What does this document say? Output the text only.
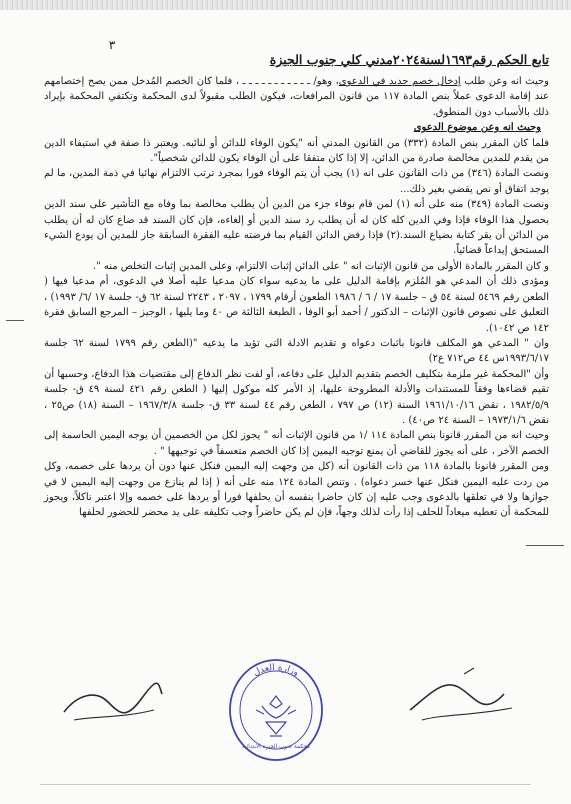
٣
تابع الحكم رقم١٦٩٣لسنة٢٠٢٤مدني كلي جنوب الجيزة

وحيث انه وعن طلب إدخال خصم جديد في الدعوى، وهو/ ـ ـ ـ ـ ـ ـ ـ ـ ـ ـ ـ ، فلما كان الخصم المُدخل ممن يصح إختصامهم عند إقامة الدعوى عملاً بنص المادة ١١٧ من قانون المرافعات، فيكون الطلب مقبولاً لدى المحكمة وتكتفي المحكمة بإيراد ذلك بالأسباب دون المنطوق.

وحيث انه وعن موضوع الدعوى

فلما كان المقرر بنص المادة (٣٣٢) من القانون المدني أنه "يكون الوفاء للدائن أو لنائبه. ويعتبر ذا صفة في استيفاء الدين من يقدم للمدين مخالصة صادرة من الدائن، إلا إذا كان متفقا على أن الوفاء يكون للدائن شخصياً".

ونصت المادة (٣٤٦) من ذات القانون على انه (١) يجب أن يتم الوفاء فورا بمجرد ترتب الالتزام نهائيا في ذمة المدين، ما لم يوجد اتفاق أو نص يقضي بغير ذلك...

ونصت المادة (٣٤٩) منه على أنه (١) لمن قام بوفاء جزء من الدين أن يطلب مخالصة بما وفاه مع التأشير على سند الدين بحصول هذا الوفاء فإذا وفي الدين كله كان له أن يطلب رد سند الدين أو إلغاءه، فإن كان السند قد ضاع كان له أن يطلب من الدائن أن يقر كتابة بضياع السند.(٢) فإذا رفض الدائن القيام بما فرضته عليه الفقرة السابقة جاز للمدين أن يودع الشيء المستحق إيداعاً قضائياً.

و كان المقرر بالمادة الأولى من قانون الإثبات انه " على الدائن إثبات الالتزام، وعلى المدين إثبات التخلص منه ".

ومؤدى ذلك أن المدعي هو المُلزم بإقامة الدليل على ما يدعيه سواء كان مدعيا عليه أصلا في الدعوى، أم مدعيا فيها ( الطعن رقم ٥٤٦٩ لسنة ٥٤ ق – جلسة ١٧ / ٦ / ١٩٨٦ الطعون أرقام ١٧٩٩ ، ٢٠٩٧ ، ٢٢٤٣ لسنة ٦٢ ق- جلسة ١٧ /٦/ ١٩٩٣) ، التعليق على نصوص قانون الإثبات – الدكتور / أحمد أبو الوفا ، الطبعة الثالثة ص ٤٠ وما يليها ، الوجيز – المرجع السابق فقرة ١٤٢ ص ١٠٤٢).

وان " المدعي هو المكلف قانونا باثبات دعواه و تقديم الادلة التى تؤيد ما يدعيه "(الطعن رقم ١٧٩٩ لسنة ٦٢ جلسة ١٩٩٣/٦/١٧س ٤٤ ص٧١٢ ع٢)

وأن "المحكمة غير ملزمة بتكليف الخصم بتقديم الدليل على دفاعه، أو لفت نظر الدفاع إلى مقتضيات هذا الدفاع، وحسبها أن تقيم قضاءها وفقاً للمستندات والأدلة المطروحة عليها، إذ الأمر كله موكول إليها ( الطعن رقم ٤٢١ لسنة ٤٩ ق- جلسة ١٩٨٢/٥/٩ ، نقض ١٩٦١/١٠/١٦ السنة (١٢) ص ٧٩٧ ، الطعن رقم ٤٤ لسنة ٣٣ ق- جلسة ١٩٦٧/٣/٨ – السنة (١٨) ص٢٥ ، نقض ١٩٧٣/١/٦ – السنة ٢٤ ص٤٠) .

وحيث انه من المقرر قانونا بنص المادة ١١٤ /١ من قانون الإثبات أنه " يجوز لكل من الخصمين أن يوجه اليمين الحاسمة إلى الخصم الآخر ، على أنه يجوز للقاضي أن يمنع توجيه اليمين إذا كان الخصم متعسفاً في توجيهها " .

ومن المقرر قانونا بالمادة ١١٨ من ذات القانون أنه (كل من وجهت إليه اليمين فنكل عنها دون أن يردها على خصمه، وكل من ردت عليه اليمين فنكل عنها خسر دعواه) . وتنص المادة ١٢٤ منه على أنه ( إذا لم ينازع من وجهت إليه اليمين لا في جوازها ولا في تعلقها بالدعوى وجب عليه إن كان حاضرا بنفسه أن يحلفها فورا أو يردها على خصمه وإلا اعتبر ناكلاً، ويجوز للمحكمة أن تعطيه ميعاداً للحلف إذا رأت لذلك وجهاً، فإن لم يكن حاضراً وجب تكليفه على يد محضر للحضور لحلفها

وزارة العدل
محكمة جنوب الجيزة الابتدائية
